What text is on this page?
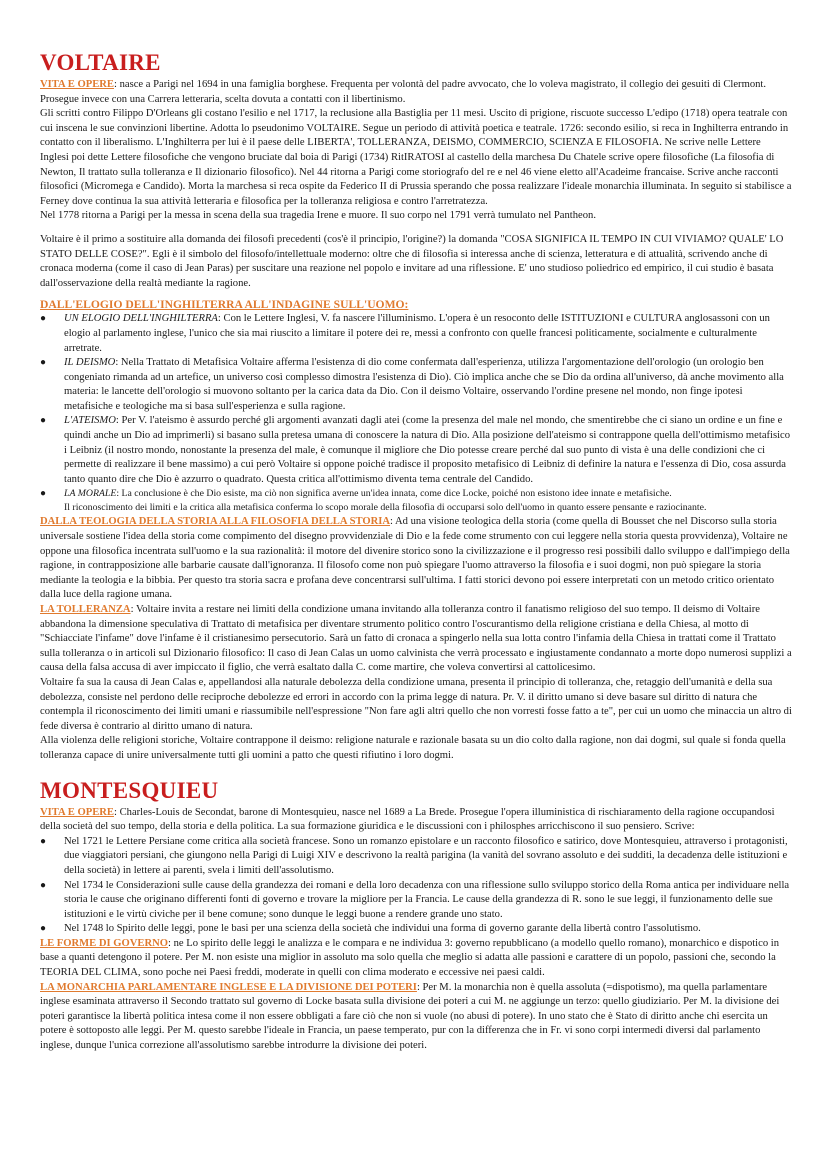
VOLTAIRE

VITA E OPERE: nasce a Parigi nel 1694 in una famiglia borghese. Frequenta per volontà del padre avvocato, che lo voleva magistrato, il collegio dei gesuiti di Clermont. Prosegue invece con una Carrera letteraria, scelta dovuta a contatti con il libertinismo.

Gli scritti contro Filippo D'Orleans gli costano l'esilio e nel 1717, la reclusione alla Bastiglia per 11 mesi. Uscito di prigione, riscuote successo L'edipo (1718) opera teatrale con cui inscena le sue convinzioni libertine. Adotta lo pseudonimo VOLTAIRE. Segue un periodo di attività poetica e teatrale. 1726: secondo esilio, si reca in Inghilterra entrando in contatto con il liberalismo. L'Inghilterra per lui è il paese delle LIBERTA', TOLLERANZA, DEISMO, COMMERCIO, SCIENZA E FILOSOFIA. Ne scrive nelle Lettere Inglesi poi dette Lettere filosofiche che vengono bruciate dal boia di Parigi (1734) RitIRATOSI al castello della marchesa Du Chatele scrive opere filosofiche (La filosofia di Newton, Il trattato sulla tolleranza e Il dizionario filosofico). Nel 44 ritorna a Parigi come storiografo del re e nel 46 viene eletto all'Acadeime francaise. Scrive anche racconti filosofici (Micromega e Candido). Morta la marchesa si reca ospite da Federico II di Prussia sperando che possa realizzare l'ideale monarchia illuminata. In seguito si stabilisce a Ferney dove continua la sua attività letteraria e filosofica per la tolleranza religiosa e contro l'arretratezza.

Nel 1778 ritorna a Parigi per la messa in scena della sua tragedia Irene e muore. Il suo corpo nel 1791 verrà tumulato nel Pantheon.

Voltaire è il primo a sostituire alla domanda dei filosofi precedenti (cos'è il principio, l'origine?) la domanda "COSA SIGNIFICA IL TEMPO IN CUI VIVIAMO? QUALE' LO STATO DELLE COSE?". Egli è il simbolo del filosofo/intellettuale moderno: oltre che di filosofia si interessa anche di scienza, letteratura e di attualità, scrivendo anche di cronaca moderna (come il caso di Jean Paras) per suscitare una reazione nel popolo e invitare ad una riflessione. E' uno studioso poliedrico ed empirico, il cui studio è basata dall'osservazione della realtà mediante la ragione.

DALL'ELOGIO DELL'INGHILTERRA ALL'INDAGINE SULL'UOMO:
● UN ELOGIO DELL'INGHILTERRA: Con le Lettere Inglesi, V. fa nascere l'illuminismo. L'opera è un resoconto delle ISTITUZIONI e CULTURA anglosassoni con un elogio al parlamento inglese, l'unico che sia mai riuscito a limitare il potere dei re, messi a confronto con quelle francesi politicamente, socialmente e culturalmente arretrate.
● IL DEISMO: Nella Trattato di Metafisica Voltaire afferma l'esistenza di dio come confermata dall'esperienza, utilizza l'argomentazione dell'orologio (un orologio ben congeniato rimanda ad un artefice, un universo così complesso dimostra l'esistenza di Dio). Ciò implica anche che se Dio da ordina all'universo, dà anche movimento alla materia: le lancette dell'orologio si muovono soltanto per la carica data da Dio. Con il deismo Voltaire, osservando l'ordine presene nel mondo, non finge ipotesi metafisiche e teologiche ma si basa sull'esperienza e sulla ragione.
● L'ATEISMO: Per V. l'ateismo è assurdo perché gli argomenti avanzati dagli atei (come la presenza del male nel mondo, che smentirebbe che ci siano un ordine e un fine e quindi anche un Dio ad imprimerli) si basano sulla pretesa umana di conoscere la natura di Dio. Alla posizione dell'ateismo si contrappone quella dell'ottimismo metafisico i Leibniz (il nostro mondo, nonostante la presenza del male, è comunque il migliore che Dio potesse creare perché dal suo punto di vista è una delle condizioni che ci permette di realizzare il bene massimo) a cui però Voltaire si oppone poiché tradisce il proposito metafisico di Leibniz di definire la natura e l'essenza di Dio, cosa assurda tanto quanto dire che Dio è azzurro o quadrato. Questa critica all'ottimismo diventa tema centrale del Candido.
● LA MORALE: La conclusione è che Dio esiste, ma ciò non significa averne un'idea innata, come dice Locke, poiché non esistono idee innate e metafisiche.

Il riconoscimento dei limiti e la critica alla metafisica conferma lo scopo morale della filosofia di occuparsi solo dell'uomo in quanto essere pensante e raziocinante.

DALLA TEOLOGIA DELLA STORIA ALLA FILOSOFIA DELLA STORIA: Ad una visione teologica della storia (come quella di Bousset che nel Discorso sulla storia universale sostiene l'idea della storia come compimento del disegno provvidenziale di Dio e la fede come strumento con cui leggere nella storia questa provvidenza), Voltaire ne oppone una filosofica incentrata sull'uomo e la sua razionalità: il motore del divenire storico sono la civilizzazione e il progresso resi possibili dallo sviluppo e dall'impiego della ragione, in contrapposizione alle barbarie causate dall'ignoranza. Il filosofo come non può spiegare l'uomo attraverso la filosofia e i suoi dogmi, non può spiegare la storia mediante la teologia e la bibbia. Per questo tra storia sacra e profana deve concentrarsi sull'ultima. I fatti storici devono poi essere interpretati con un metodo critico orientato dalla luce della ragione umana.

LA TOLLERANZA: Voltaire invita a restare nei limiti della condizione umana invitando alla tolleranza contro il fanatismo religioso del suo tempo. Il deismo di Voltaire abbandona la dimensione speculativa di Trattato di metafisica per diventare strumento politico contro l'oscurantismo della religione cristiana e della Chiesa, al motto di "Schiacciate l'infame" dove l'infame è il cristianesimo persecutorio. Sarà un fatto di cronaca a spingerlo nella sua lotta contro l'infamia della Chiesa in trattati come il Trattato sulla tolleranza o in articoli sul Dizionario filosofico: Il caso di Jean Calas un uomo calvinista che verrà processato e ingiustamente condannato a morte dopo numerosi supplizi a causa della falsa accusa di aver impiccato il figlio, che verrà esaltato dalla C. come martire, che voleva convertirsi al cattolicesimo.

Voltaire fa sua la causa di Jean Calas e, appellandosi alla naturale debolezza della condizione umana, presenta il principio di tolleranza, che, retaggio dell'umanità e della sua debolezza, consiste nel perdono delle reciproche debolezze ed errori in accordo con la prima legge di natura. Pr. V. il diritto umano si deve basare sul diritto di natura che contempla il riconoscimento dei limiti umani e riassumibile nell'espressione "Non fare agli altri quello che non vorresti fosse fatto a te", per cui un uomo che minaccia un altro di fede diversa è contrario al diritto umano di natura.

Alla violenza delle religioni storiche, Voltaire contrappone il deismo: religione naturale e razionale basata su un dio colto dalla ragione, non dai dogmi, sul quale si fonda quella tolleranza capace di unire universalmente tutti gli uomini a patto che questi rifiutino i loro dogmi.

MONTESQUIEU

VITA E OPERE: Charles-Louis de Secondat, barone di Montesquieu, nasce nel 1689 a La Brede. Prosegue l'opera illuministica di rischiaramento della ragione occupandosi della società del suo tempo, della storia e della politica. La sua formazione giuridica e le discussioni con i philosphes arricchiscono il suo pensiero. Scrive:

● Nel 1721 le Lettere Persiane come critica alla società francese. Sono un romanzo epistolare e un racconto filosofico e satirico, dove Montesquieu, attraverso i protagonisti, due viaggiatori persiani, che giungono nella Parigi di Luigi XIV e descrivono la realtà parigina (la vanità del sovrano assoluto e dei sudditi, la decadenza delle istituzioni e della società) in lettere ai parenti, svela i limiti dell'assolutismo.
● Nel 1734 le Considerazioni sulle cause della grandezza dei romani e della loro decadenza con una riflessione sullo sviluppo storico della Roma antica per individuare nella storia le cause che originano differenti fonti di governo e trovare la migliore per la Francia. Le cause della grandezza di R. sono le sue leggi, il funzionamento delle sue istituzioni e le virtù civiche per il bene comune; sono dunque le leggi buone a rendere grande uno stato.
● Nel 1748 lo Spirito delle leggi, pone le basi per una scienza della società che individui una forma di governo garante della libertà contro l'assolutismo.

LE FORME DI GOVERNO: ne Lo spirito delle leggi le analizza e le compara e ne individua 3: governo repubblicano (a modello quello romano), monarchico e dispotico in base a quanti detengono il potere. Per M. non esiste una miglior in assoluto ma solo quella che meglio si adatta alle passioni e carattere di un popolo, passioni che, secondo la TEORIA DEL CLIMA, sono poche nei Paesi freddi, moderate in quelli con clima moderato e eccessive nei paesi caldi.

LA MONARCHIA PARLAMENTARE INGLESE E LA DIVISIONE DEI POTERI: Per M. la monarchia non è quella assoluta (=dispotismo), ma quella parlamentare inglese esaminata attraverso il Secondo trattato sul governo di Locke basata sulla divisione dei poteri a cui M. ne aggiunge un terzo: quello giudiziario. Per M. la divisione dei poteri garantisce la libertà politica intesa come il non essere obbligati a fare ciò che non si vuole (no abusi di potere). In uno stato che è Stato di diritto anche chi esercita un potere è sottoposto alle leggi. Per M. questo sarebbe l'ideale in Francia, un paese temperato, pur con la differenza che in Fr. vi sono corpi intermedi diversi dal parlamento inglese, dunque l'unica correzione all'assolutismo sarebbe introdurre la divisione dei poteri.
